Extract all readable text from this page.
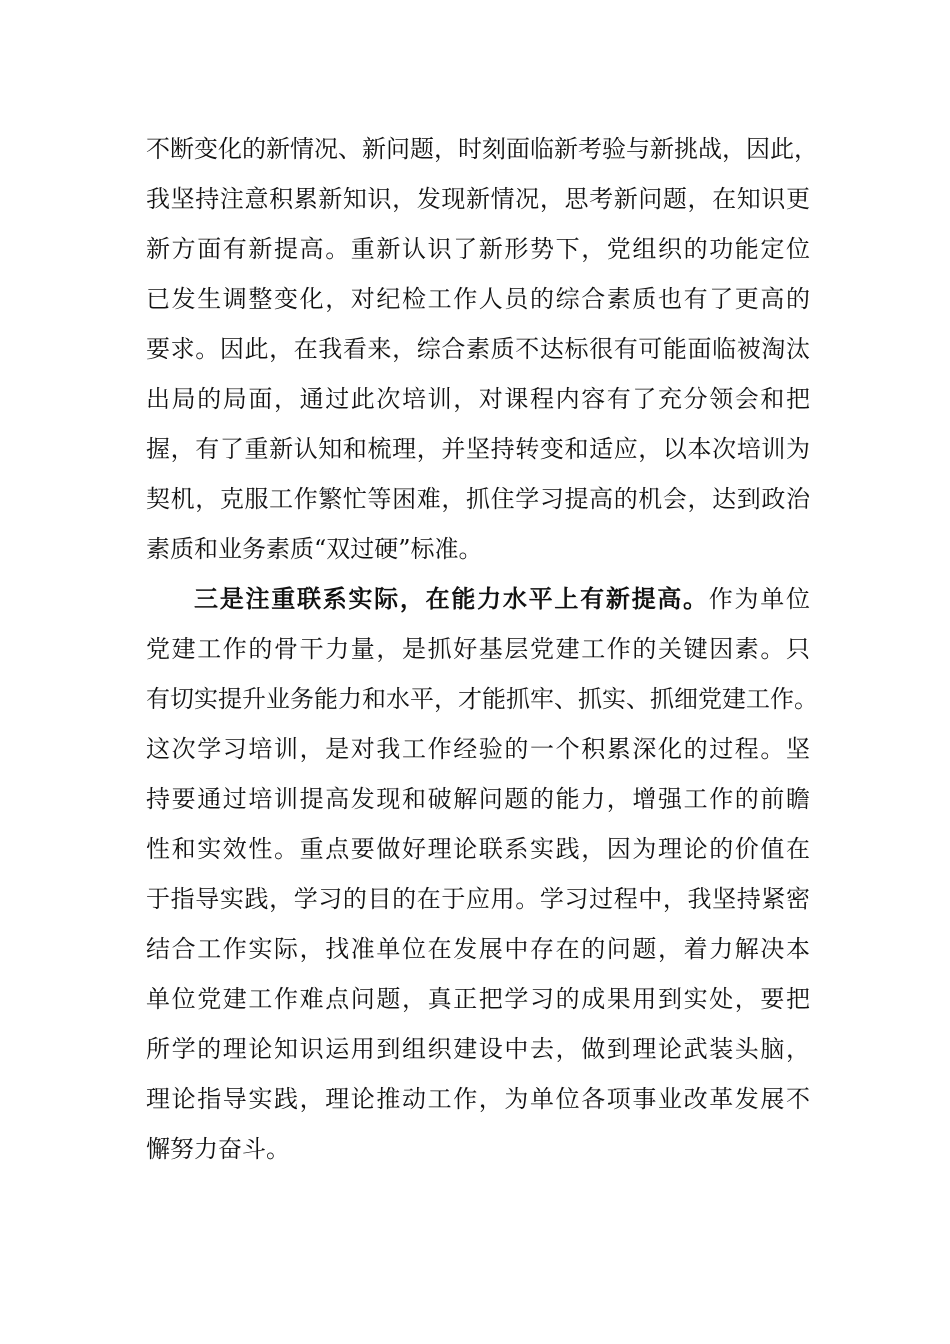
不断变化的新情况、新问题，时刻面临新考验与新挑战，因此，
我坚持注意积累新知识，发现新情况，思考新问题，在知识更
新方面有新提高。重新认识了新形势下，党组织的功能定位
已发生调整变化，对纪检工作人员的综合素质也有了更高的
要求。因此，在我看来，综合素质不达标很有可能面临被淘汰
出局的局面，通过此次培训，对课程内容有了充分领会和把
握，有了重新认知和梳理，并坚持转变和适应，以本次培训为
契机，克服工作繁忙等困难，抓住学习提高的机会，达到政治
素质和业务素质“双过硬”标准。
三是注重联系实际，在能力水平上有新提高。作为单位
党建工作的骨干力量，是抓好基层党建工作的关键因素。只
有切实提升业务能力和水平，才能抓牢、抓实、抓细党建工作。
这次学习培训，是对我工作经验的一个积累深化的过程。坚
持要通过培训提高发现和破解问题的能力，增强工作的前瞻
性和实效性。重点要做好理论联系实践，因为理论的价值在
于指导实践，学习的目的在于应用。学习过程中，我坚持紧密
结合工作实际，找准单位在发展中存在的问题，着力解决本
单位党建工作难点问题，真正把学习的成果用到实处，要把
所学的理论知识运用到组织建设中去，做到理论武装头脑，
理论指导实践，理论推动工作，为单位各项事业改革发展不
懈努力奋斗。
